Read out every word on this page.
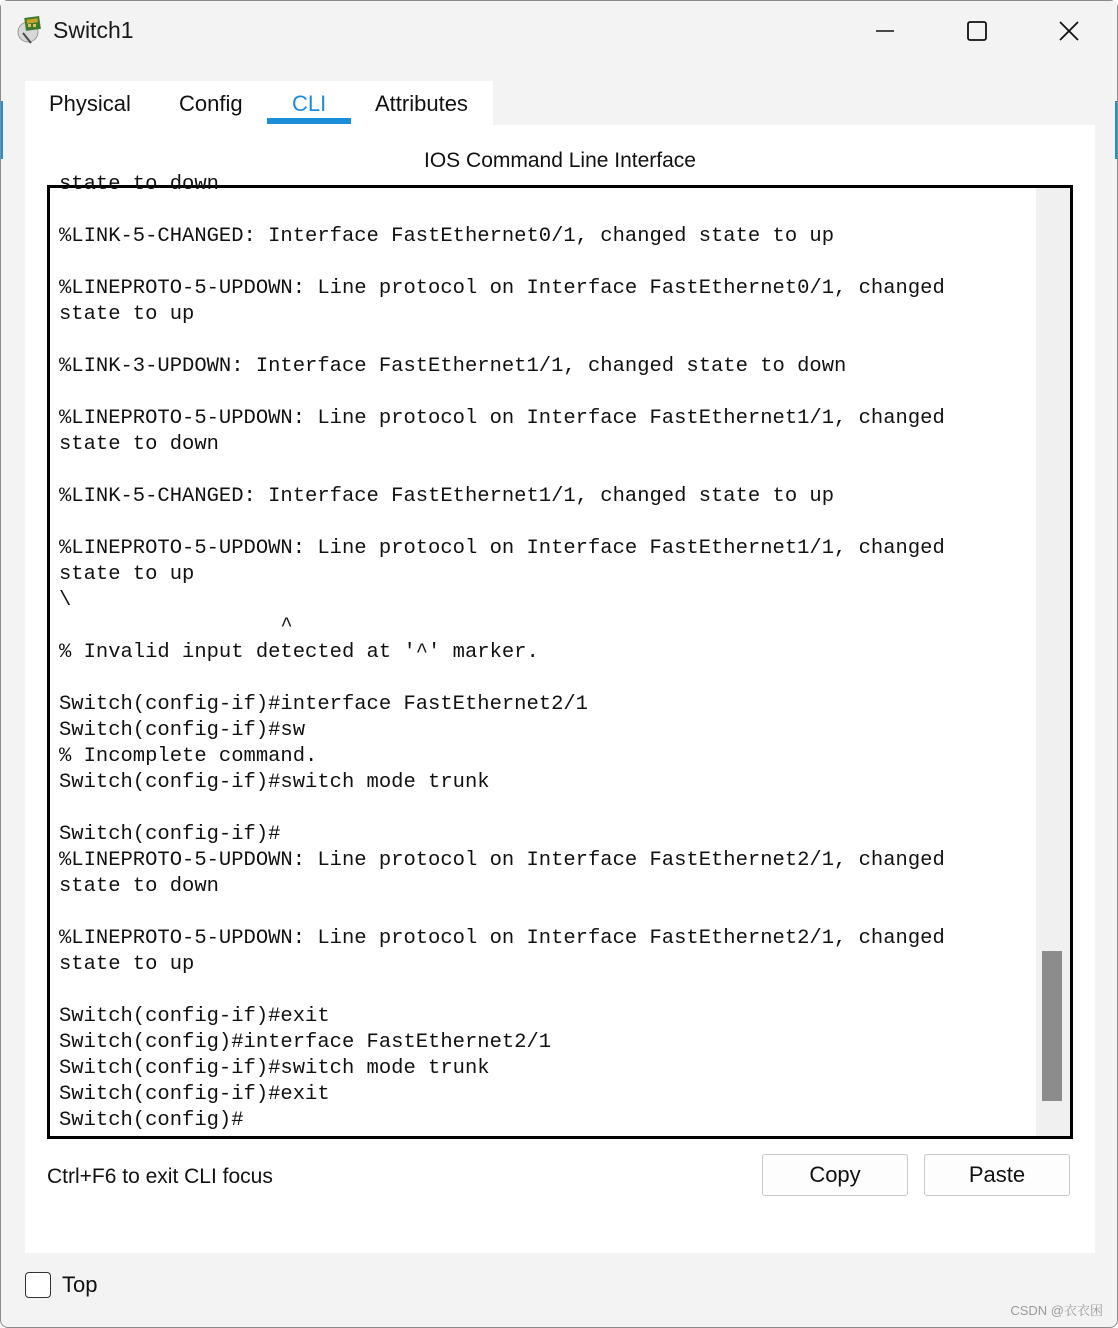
Switch1
Physical Config CLI Attributes
IOS Command Line Interface
state to down
%LINK-5-CHANGED: Interface FastEthernet0/1, changed state to up
%LINEPROTO-5-UPDOWN: Line protocol on Interface FastEthernet0/1, changed
state to up
%LINK-3-UPDOWN: Interface FastEthernet1/1, changed state to down
%LINEPROTO-5-UPDOWN: Line protocol on Interface FastEthernet1/1, changed
state to down
%LINK-5-CHANGED: Interface FastEthernet1/1, changed state to up
%LINEPROTO-5-UPDOWN: Line protocol on Interface FastEthernet1/1, changed
state to up
\
^
% Invalid input detected at '^' marker.
Switch(config-if)#interface FastEthernet2/1
Switch(config-if)#sw
% Incomplete command.
Switch(config-if)#switch mode trunk
Switch(config-if)#
%LINEPROTO-5-UPDOWN: Line protocol on Interface FastEthernet2/1, changed
state to down
%LINEPROTO-5-UPDOWN: Line protocol on Interface FastEthernet2/1, changed
state to up
Switch(config-if)#exit
Switch(config)#interface FastEthernet2/1
Switch(config-if)#switch mode trunk
Switch(config-if)#exit
Switch(config)#
Ctrl+F6 to exit CLI focus	Copy	Paste
Top
CSDN @衣衣困
